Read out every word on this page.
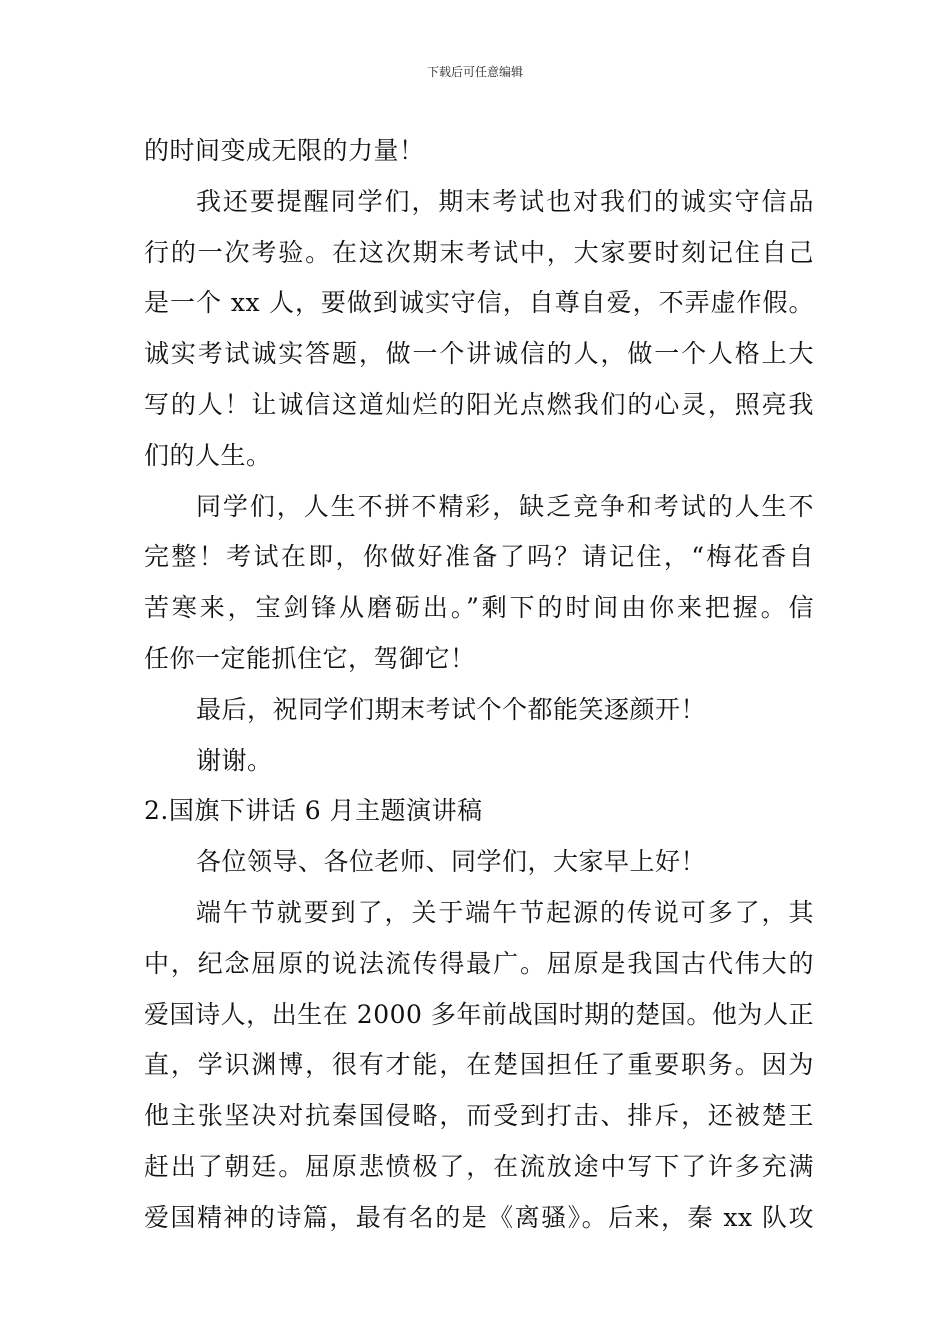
下载后可任意编辑
的时间变成无限的力量！
我还要提醒同学们，期末考试也对我们的诚实守信品
行的一次考验。在这次期末考试中，大家要时刻记住自己
是一个 xx 人，要做到诚实守信，自尊自爱，不弄虚作假。
诚实考试诚实答题，做一个讲诚信的人，做一个人格上大
写的人！让诚信这道灿烂的阳光点燃我们的心灵，照亮我
们的人生。
同学们，人生不拼不精彩，缺乏竞争和考试的人生不
完整！考试在即，你做好准备了吗？请记住，“梅花香自
苦寒来，宝剑锋从磨砺出。”剩下的时间由你来把握。信
任你一定能抓住它，驾御它！
最后，祝同学们期末考试个个都能笑逐颜开！
谢谢。
2.国旗下讲话 6 月主题演讲稿
各位领导、各位老师、同学们，大家早上好！
端午节就要到了，关于端午节起源的传说可多了，其
中，纪念屈原的说法流传得最广。屈原是我国古代伟大的
爱国诗人，出生在 2000 多年前战国时期的楚国。他为人正
直，学识渊博，很有才能，在楚国担任了重要职务。因为
他主张坚决对抗秦国侵略，而受到打击、排斥，还被楚王
赶出了朝廷。屈原悲愤极了，在流放途中写下了许多充满
爱国精神的诗篇，最有名的是《离骚》。后来，秦 xx 队攻
